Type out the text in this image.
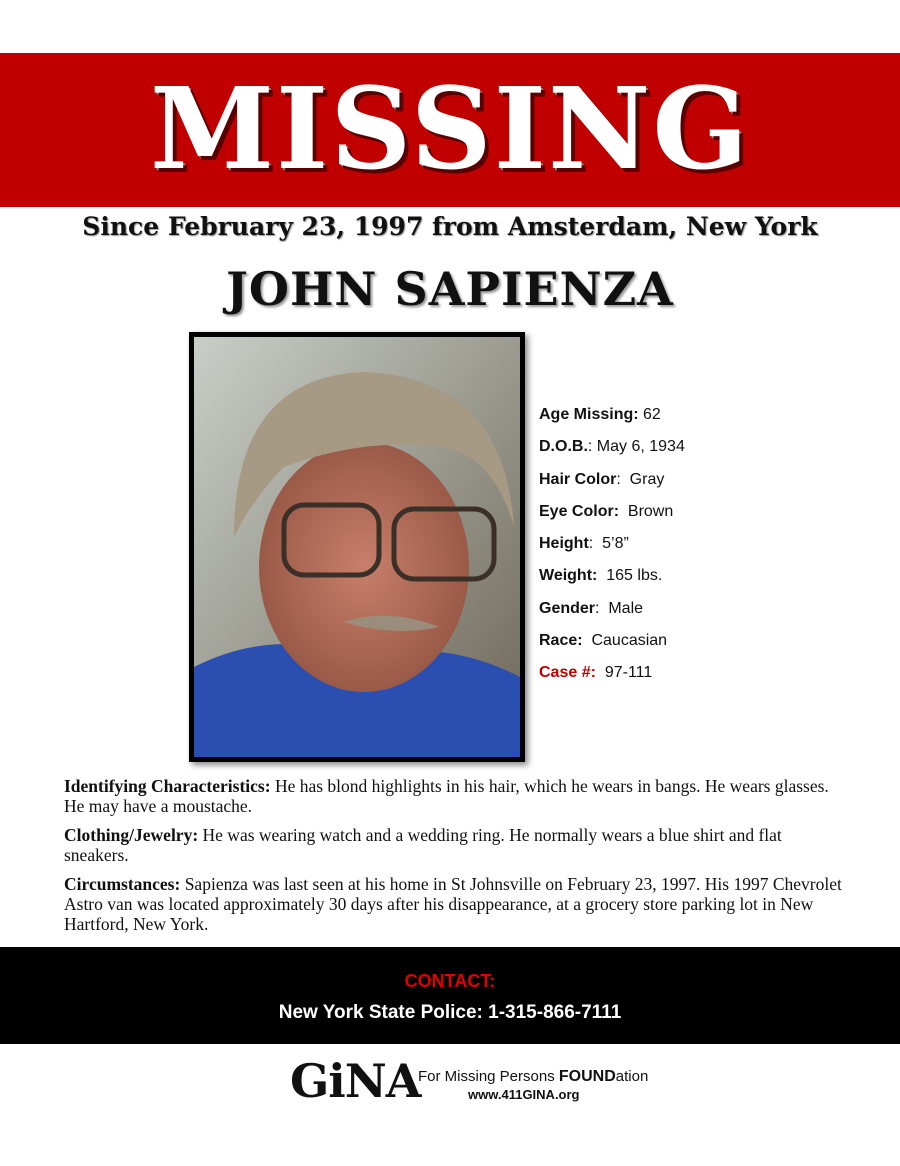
MISSING
Since February 23, 1997 from Amsterdam, New York
JOHN SAPIENZA
Age Missing: 62
D.O.B.: May 6, 1934
Hair Color:  Gray
Eye Color:  Brown
Height:  5’8”
Weight:  165 lbs.
Gender:  Male
Race:  Caucasian
Case #:  97-111

Identifying Characteristics: He has blond highlights in his hair, which he wears in bangs. He wears glasses. He may have a moustache.

Clothing/Jewelry: He was wearing watch and a wedding ring. He normally wears a blue shirt and flat sneakers.

Circumstances: Sapienza was last seen at his home in St Johnsville on February 23, 1997. His 1997 Chevrolet Astro van was located approximately 30 days after his disappearance, at a grocery store parking lot in New Hartford, New York.

CONTACT:
New York State Police: 1-315-866-7111
GiNA
For Missing Persons FOUNDation
www.411GINA.org
